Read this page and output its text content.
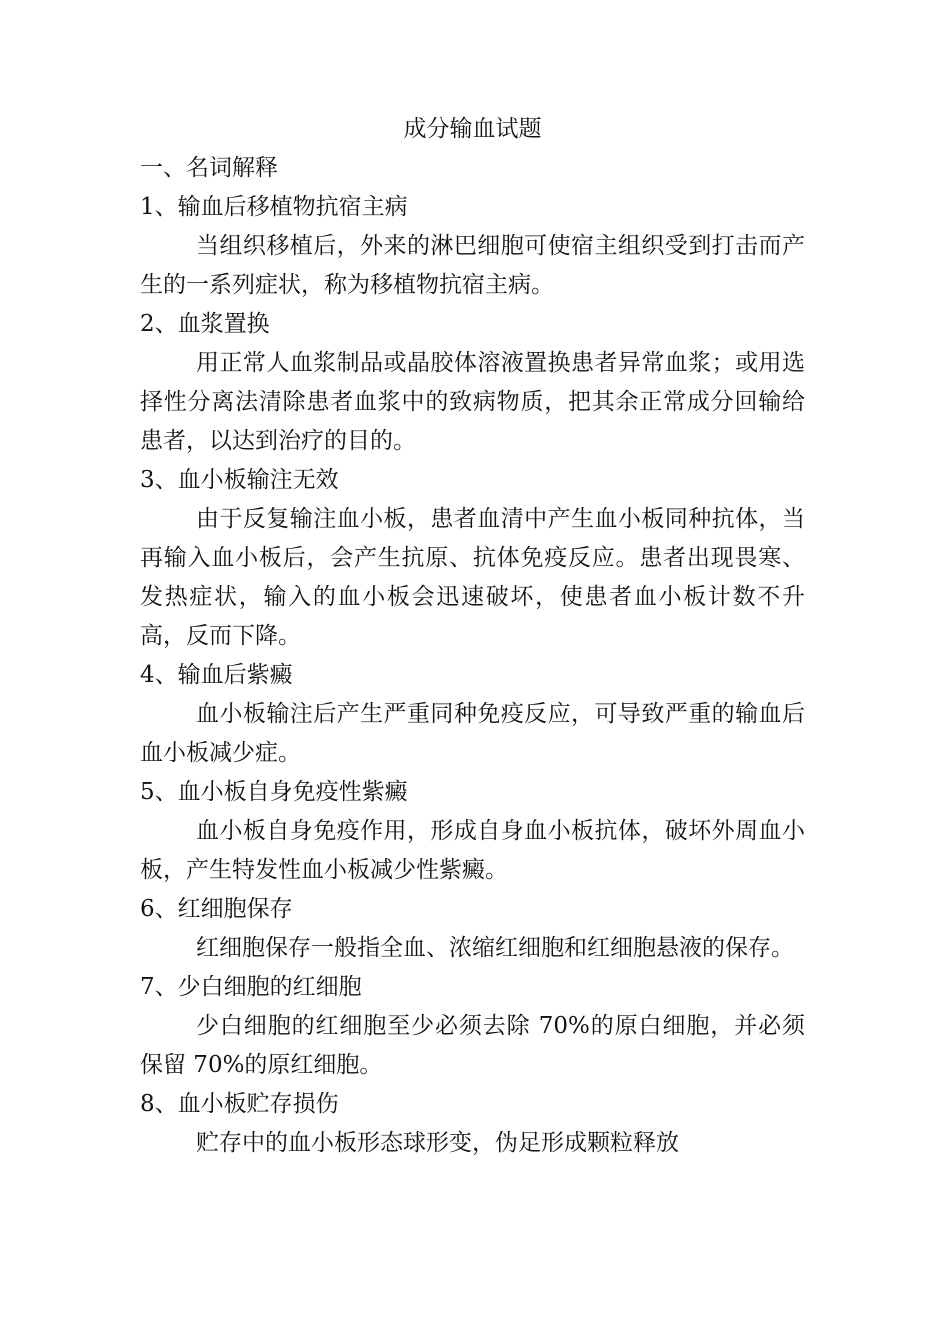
成分输血试题
一、名词解释
1、输血后移植物抗宿主病
当组织移植后，外来的淋巴细胞可使宿主组织受到打击而产生的一系列症状，称为移植物抗宿主病。
2、血浆置换
用正常人血浆制品或晶胶体溶液置换患者异常血浆；或用选择性分离法清除患者血浆中的致病物质，把其余正常成分回输给患者，以达到治疗的目的。
3、血小板输注无效
由于反复输注血小板，患者血清中产生血小板同种抗体，当再输入血小板后，会产生抗原、抗体免疫反应。患者出现畏寒、发热症状，输入的血小板会迅速破坏，使患者血小板计数不升高，反而下降。
4、输血后紫癜
血小板输注后产生严重同种免疫反应，可导致严重的输血后血小板减少症。
5、血小板自身免疫性紫癜
血小板自身免疫作用，形成自身血小板抗体，破坏外周血小板，产生特发性血小板减少性紫癜。
6、红细胞保存
红细胞保存一般指全血、浓缩红细胞和红细胞悬液的保存。
7、少白细胞的红细胞
少白细胞的红细胞至少必须去除 70%的原白细胞，并必须保留 70%的原红细胞。
8、血小板贮存损伤
贮存中的血小板形态球形变，伪足形成颗粒释放
